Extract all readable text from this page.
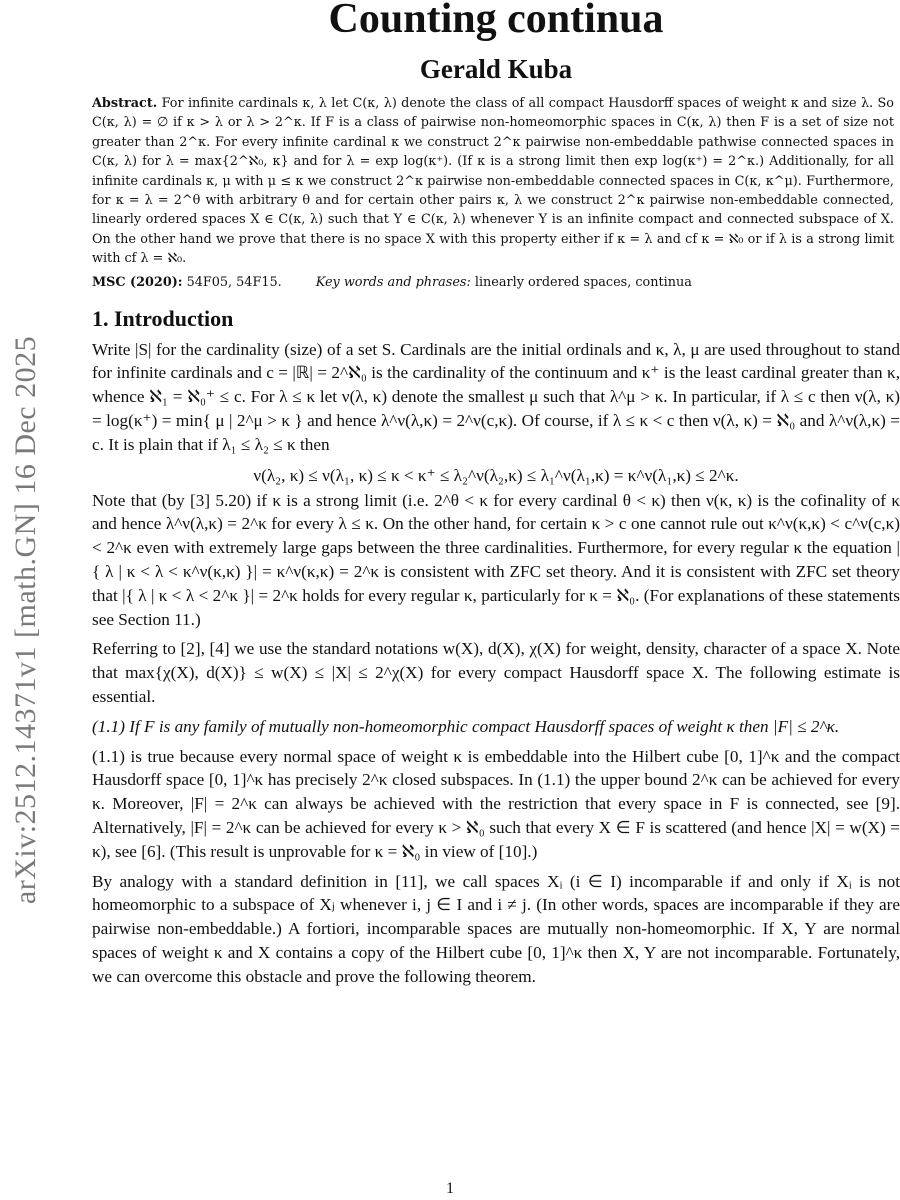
arXiv:2512.14371v1 [math.GN] 16 Dec 2025
Counting continua
Gerald Kuba
Abstract. For infinite cardinals κ, λ let C(κ, λ) denote the class of all compact Hausdorff spaces of weight κ and size λ. So C(κ, λ) = ∅ if κ > λ or λ > 2^κ. If F is a class of pairwise non-homeomorphic spaces in C(κ, λ) then F is a set of size not greater than 2^κ. For every infinite cardinal κ we construct 2^κ pairwise non-embeddable pathwise connected spaces in C(κ, λ) for λ = max{2^ℵ₀, κ} and for λ = exp log(κ⁺). (If κ is a strong limit then exp log(κ⁺) = 2^κ.) Additionally, for all infinite cardinals κ, μ with μ ≤ κ we construct 2^κ pairwise non-embeddable connected spaces in C(κ, κ^μ). Furthermore, for κ = λ = 2^θ with arbitrary θ and for certain other pairs κ, λ we construct 2^κ pairwise non-embeddable connected, linearly ordered spaces X ∈ C(κ, λ) such that Y ∈ C(κ, λ) whenever Y is an infinite compact and connected subspace of X. On the other hand we prove that there is no space X with this property either if κ = λ and cf κ = ℵ₀ or if λ is a strong limit with cf λ = ℵ₀.
MSC (2020): 54F05, 54F15.	Key words and phrases: linearly ordered spaces, continua
1. Introduction

Write |S| for the cardinality (size) of a set S. Cardinals are the initial ordinals and κ, λ, μ are used throughout to stand for infinite cardinals and c = |ℝ| = 2^ℵ₀ is the cardinality of the continuum and κ⁺ is the least cardinal greater than κ, whence ℵ₁ = ℵ₀⁺ ≤ c. For λ ≤ κ let ν(λ, κ) denote the smallest μ such that λ^μ > κ. In particular, if λ ≤ c then ν(λ, κ) = log(κ⁺) = min{ μ | 2^μ > κ } and hence λ^ν(λ,κ) = 2^ν(c,κ). Of course, if λ ≤ κ < c then ν(λ, κ) = ℵ₀ and λ^ν(λ,κ) = c. It is plain that if λ₁ ≤ λ₂ ≤ κ then

ν(λ₂, κ) ≤ ν(λ₁, κ) ≤ κ < κ⁺ ≤ λ₂^ν(λ₂,κ) ≤ λ₁^ν(λ₁,κ) = κ^ν(λ₁,κ) ≤ 2^κ.

Note that (by [3] 5.20) if κ is a strong limit (i.e. 2^θ < κ for every cardinal θ < κ) then ν(κ, κ) is the cofinality of κ and hence λ^ν(λ,κ) = 2^κ for every λ ≤ κ. On the other hand, for certain κ > c one cannot rule out κ^ν(κ,κ) < c^ν(c,κ) < 2^κ even with extremely large gaps between the three cardinalities. Furthermore, for every regular κ the equation |{ λ | κ < λ < κ^ν(κ,κ) }| = κ^ν(κ,κ) = 2^κ is consistent with ZFC set theory. And it is consistent with ZFC set theory that |{ λ | κ < λ < 2^κ }| = 2^κ holds for every regular κ, particularly for κ = ℵ₀. (For explanations of these statements see Section 11.)

Referring to [2], [4] we use the standard notations w(X), d(X), χ(X) for weight, density, character of a space X. Note that max{χ(X), d(X)} ≤ w(X) ≤ |X| ≤ 2^χ(X) for every compact Hausdorff space X. The following estimate is essential.

(1.1) If F is any family of mutually non-homeomorphic compact Hausdorff spaces of weight κ then |F| ≤ 2^κ.

(1.1) is true because every normal space of weight κ is embeddable into the Hilbert cube [0, 1]^κ and the compact Hausdorff space [0, 1]^κ has precisely 2^κ closed subspaces. In (1.1) the upper bound 2^κ can be achieved for every κ. Moreover, |F| = 2^κ can always be achieved with the restriction that every space in F is connected, see [9]. Alternatively, |F| = 2^κ can be achieved for every κ > ℵ₀ such that every X ∈ F is scattered (and hence |X| = w(X) = κ), see [6]. (This result is unprovable for κ = ℵ₀ in view of [10].)

By analogy with a standard definition in [11], we call spaces Xᵢ (i ∈ I) incomparable if and only if Xᵢ is not homeomorphic to a subspace of Xⱼ whenever i, j ∈ I and i ≠ j. (In other words, spaces are incomparable if they are pairwise non-embeddable.) A fortiori, incomparable spaces are mutually non-homeomorphic. If X, Y are normal spaces of weight κ and X contains a copy of the Hilbert cube [0, 1]^κ then X, Y are not incomparable. Fortunately, we can overcome this obstacle and prove the following theorem.

1
